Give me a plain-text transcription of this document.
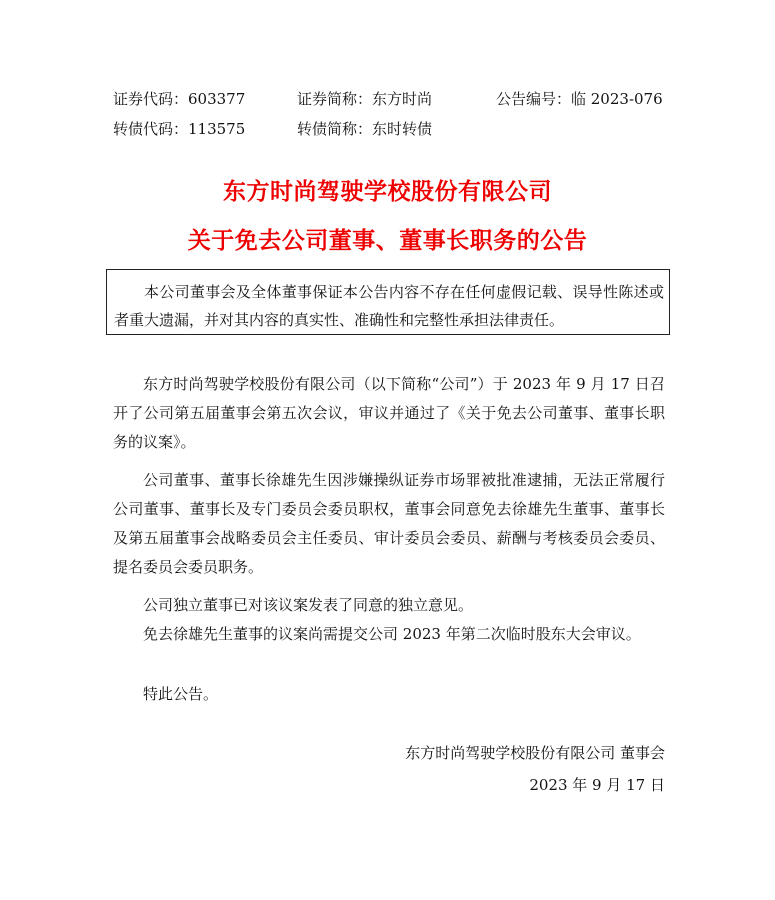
证券代码：603377	证券简称：东方时尚	公告编号：临 2023-076
转债代码：113575	转债简称：东时转债
东方时尚驾驶学校股份有限公司
关于免去公司董事、董事长职务的公告
本公司董事会及全体董事保证本公告内容不存在任何虚假记载、误导性陈述或者重大遗漏，并对其内容的真实性、准确性和完整性承担法律责任。
东方时尚驾驶学校股份有限公司（以下简称“公司”）于 2023 年 9 月 17 日召开了公司第五届董事会第五次会议，审议并通过了《关于免去公司董事、董事长职务的议案》。
公司董事、董事长徐雄先生因涉嫌操纵证券市场罪被批准逮捕，无法正常履行公司董事、董事长及专门委员会委员职权，董事会同意免去徐雄先生董事、董事长及第五届董事会战略委员会主任委员、审计委员会委员、薪酬与考核委员会委员、提名委员会委员职务。
公司独立董事已对该议案发表了同意的独立意见。
免去徐雄先生董事的议案尚需提交公司 2023 年第二次临时股东大会审议。
特此公告。
东方时尚驾驶学校股份有限公司 董事会
2023 年 9 月 17 日
